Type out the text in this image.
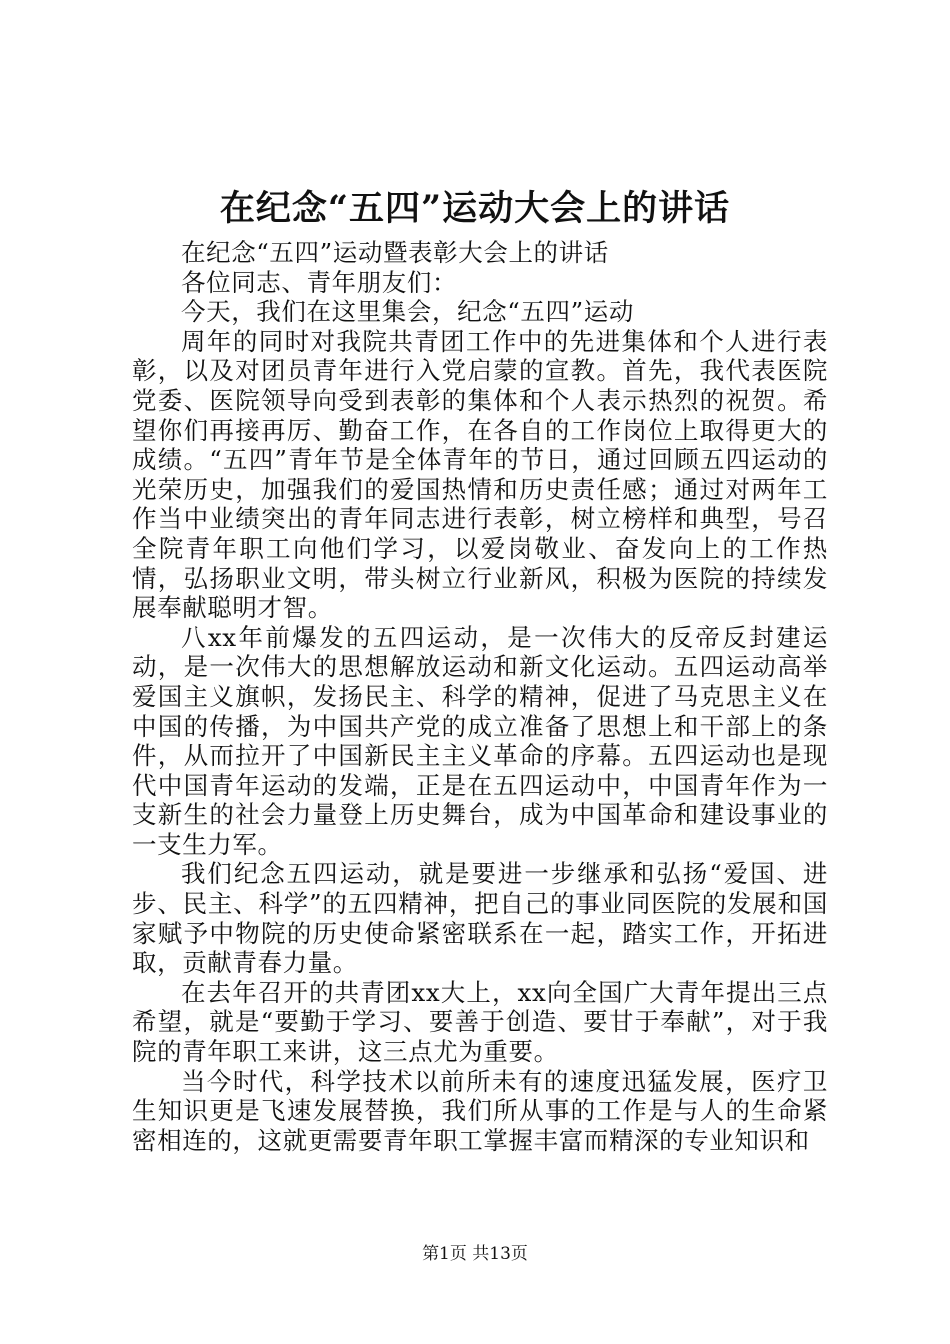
在纪念“五四”运动大会上的讲话

在纪念“五四”运动暨表彰大会上的讲话

各位同志、青年朋友们：

今天，我们在这里集会，纪念“五四”运动

周年的同时对我院共青团工作中的先进集体和个人进行表彰，以及对团员青年进行入党启蒙的宣教。首先，我代表医院党委、医院领导向受到表彰的集体和个人表示热烈的祝贺。希望你们再接再厉、勤奋工作，在各自的工作岗位上取得更大的成绩。“五四”青年节是全体青年的节日，通过回顾五四运动的光荣历史，加强我们的爱国热情和历史责任感；通过对两年工作当中业绩突出的青年同志进行表彰，树立榜样和典型，号召全院青年职工向他们学习，以爱岗敬业、奋发向上的工作热情，弘扬职业文明，带头树立行业新风，积极为医院的持续发展奉献聪明才智。

八xx年前爆发的五四运动，是一次伟大的反帝反封建运动，是一次伟大的思想解放运动和新文化运动。五四运动高举爱国主义旗帜，发扬民主、科学的精神，促进了马克思主义在中国的传播，为中国共产党的成立准备了思想上和干部上的条件，从而拉开了中国新民主主义革命的序幕。五四运动也是现代中国青年运动的发端，正是在五四运动中，中国青年作为一支新生的社会力量登上历史舞台，成为中国革命和建设事业的一支生力军。

我们纪念五四运动，就是要进一步继承和弘扬“爱国、进步、民主、科学”的五四精神，把自己的事业同医院的发展和国家赋予中物院的历史使命紧密联系在一起，踏实工作，开拓进取，贡献青春力量。

在去年召开的共青团xx大上，xx向全国广大青年提出三点希望，就是“要勤于学习、要善于创造、要甘于奉献”，对于我院的青年职工来讲，这三点尤为重要。

当今时代，科学技术以前所未有的速度迅猛发展，医疗卫生知识更是飞速发展替换，我们所从事的工作是与人的生命紧密相连的，这就更需要青年职工掌握丰富而精深的专业知识和

第1页 共13页
